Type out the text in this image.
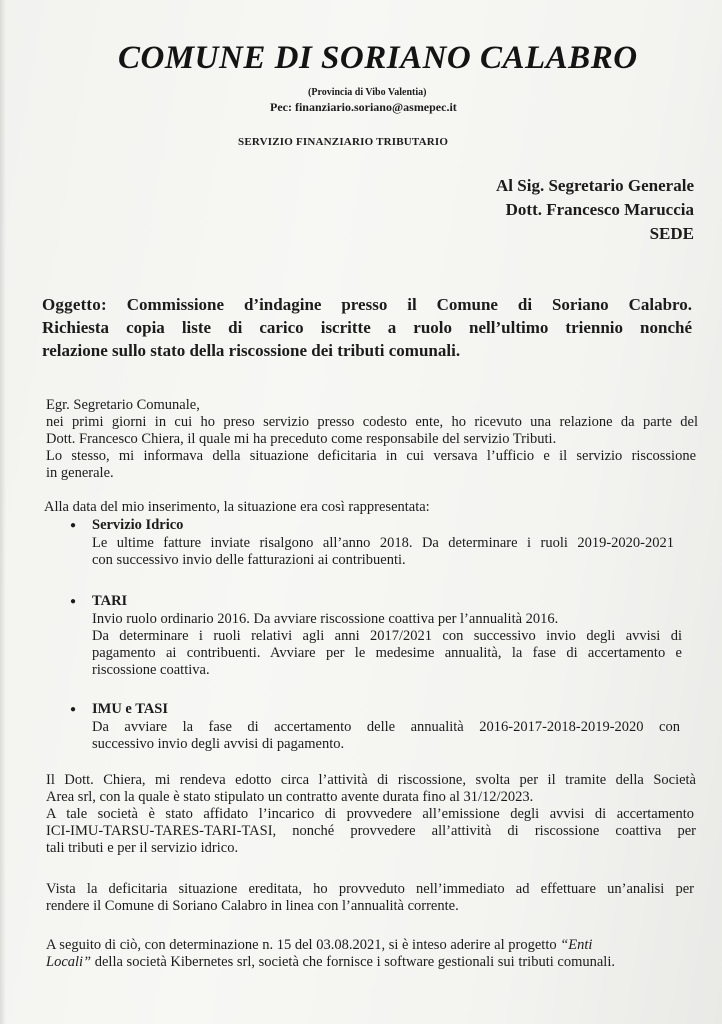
COMUNE DI SORIANO CALABRO
(Provincia di Vibo Valentia)
Pec: finanziario.soriano@asmepec.it
SERVIZIO FINANZIARIO TRIBUTARIO
Al Sig. Segretario Generale
Dott. Francesco Maruccia
SEDE
Oggetto: Commissione d’indagine presso il Comune di Soriano Calabro.
Richiesta copia liste di carico iscritte a ruolo nell’ultimo triennio nonché
relazione sullo stato della riscossione dei tributi comunali.
Egr. Segretario Comunale,
nei primi giorni in cui ho preso servizio presso codesto ente, ho ricevuto una relazione da parte del
Dott. Francesco Chiera, il quale mi ha preceduto come responsabile del servizio Tributi.
Lo stesso, mi informava della situazione deficitaria in cui versava l’ufficio e il servizio riscossione
in generale.
Alla data del mio inserimento, la situazione era così rappresentata:
● Servizio Idrico
Le ultime fatture inviate risalgono all’anno 2018. Da determinare i ruoli 2019-2020-2021
con successivo invio delle fatturazioni ai contribuenti.
● TARI
Invio ruolo ordinario 2016. Da avviare riscossione coattiva per l’annualità 2016.
Da determinare i ruoli relativi agli anni 2017/2021 con successivo invio degli avvisi di
pagamento ai contribuenti. Avviare per le medesime annualità, la fase di accertamento e
riscossione coattiva.
● IMU e TASI
Da avviare la fase di accertamento delle annualità 2016-2017-2018-2019-2020 con
successivo invio degli avvisi di pagamento.
Il Dott. Chiera, mi rendeva edotto circa l’attività di riscossione, svolta per il tramite della Società
Area srl, con la quale è stato stipulato un contratto avente durata fino al 31/12/2023.
A tale società è stato affidato l’incarico di provvedere all’emissione degli avvisi di accertamento
ICI-IMU-TARSU-TARES-TARI-TASI, nonché provvedere all’attività di riscossione coattiva per
tali tributi e per il servizio idrico.
Vista la deficitaria situazione ereditata, ho provveduto nell’immediato ad effettuare un’analisi per
rendere il Comune di Soriano Calabro in linea con l’annualità corrente.
A seguito di ciò, con determinazione n. 15 del 03.08.2021, si è inteso aderire al progetto “Enti
Locali” della società Kibernetes srl, società che fornisce i software gestionali sui tributi comunali.
